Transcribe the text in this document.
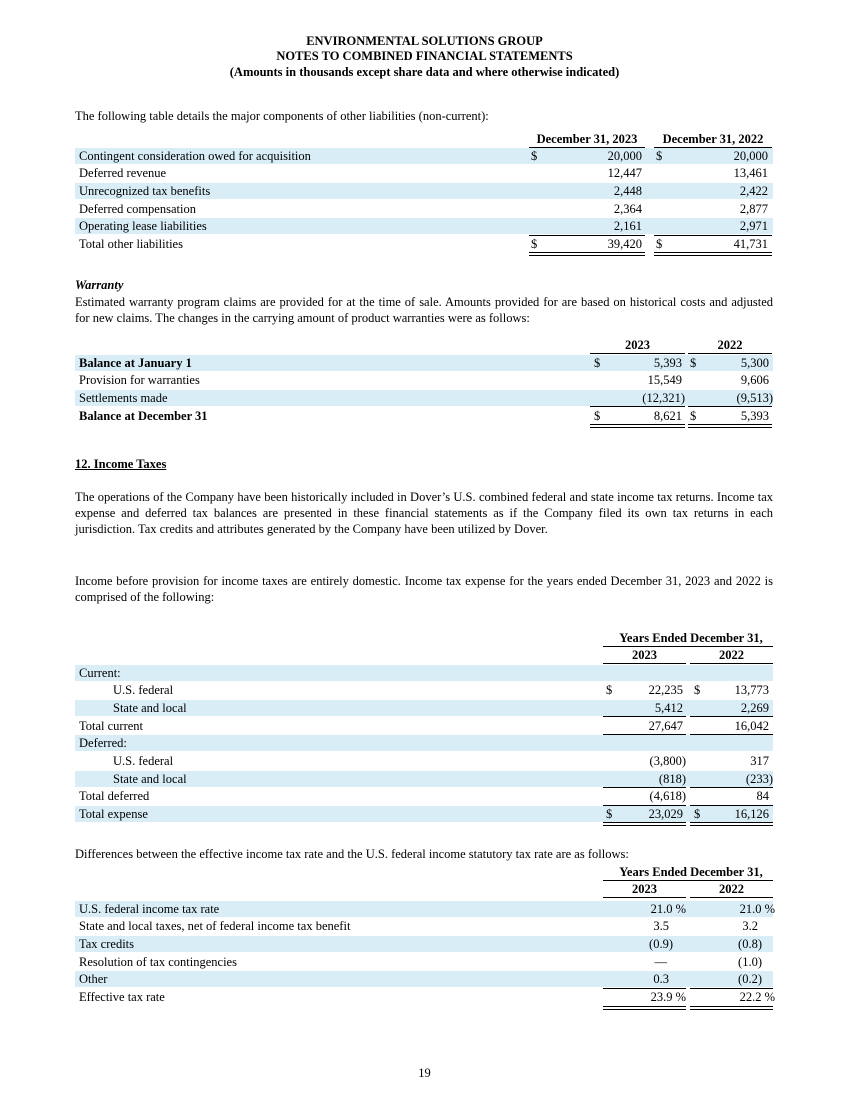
ENVIRONMENTAL SOLUTIONS GROUP
NOTES TO COMBINED FINANCIAL STATEMENTS
(Amounts in thousands except share data and where otherwise indicated)
The following table details the major components of other liabilities (non-current):
December 31, 2023	December 31, 2022
Contingent consideration owed for acquisition	$	20,000 $	20,000
Deferred revenue	12,447	13,461
Unrecognized tax benefits	2,448	2,422
Deferred compensation	2,364	2,877
Operating lease liabilities	2,161	2,971
Total other liabilities	$	39,420 $	41,731
Warranty
Estimated warranty program claims are provided for at the time of sale. Amounts provided for are based on historical costs and adjusted for new claims. The changes in the carrying amount of product warranties were as follows:
2023	2022
Balance at January 1	$	5,393 $	5,300
Provision for warranties	15,549	9,606
Settlements made	(12,321)	(9,513)
Balance at December 31	$	8,621 $	5,393
12. Income Taxes
The operations of the Company have been historically included in Dover’s U.S. combined federal and state income tax returns. Income tax expense and deferred tax balances are presented in these financial statements as if the Company filed its own tax returns in each jurisdiction. Tax credits and attributes generated by the Company have been utilized by Dover.
Income before provision for income taxes are entirely domestic. Income tax expense for the years ended December 31, 2023 and 2022 is comprised of the following:
Years Ended December 31,
2023	2022
Current:
U.S. federal	$	22,235 $	13,773
State and local	5,412	2,269
Total current	27,647	16,042
Deferred:
U.S. federal	(3,800)	317
State and local	(818)	(233)
Total deferred	(4,618)	84
Total expense	$	23,029 $	16,126
Differences between the effective income tax rate and the U.S. federal income statutory tax rate are as follows:
Years Ended December 31,
2023	2022
U.S. federal income tax rate	21.0 %	21.0 %
State and local taxes, net of federal income tax benefit	3.5	3.2
Tax credits	(0.9)	(0.8)
Resolution of tax contingencies	—	(1.0)
Other	0.3	(0.2)
Effective tax rate	23.9 %	22.2 %
19
